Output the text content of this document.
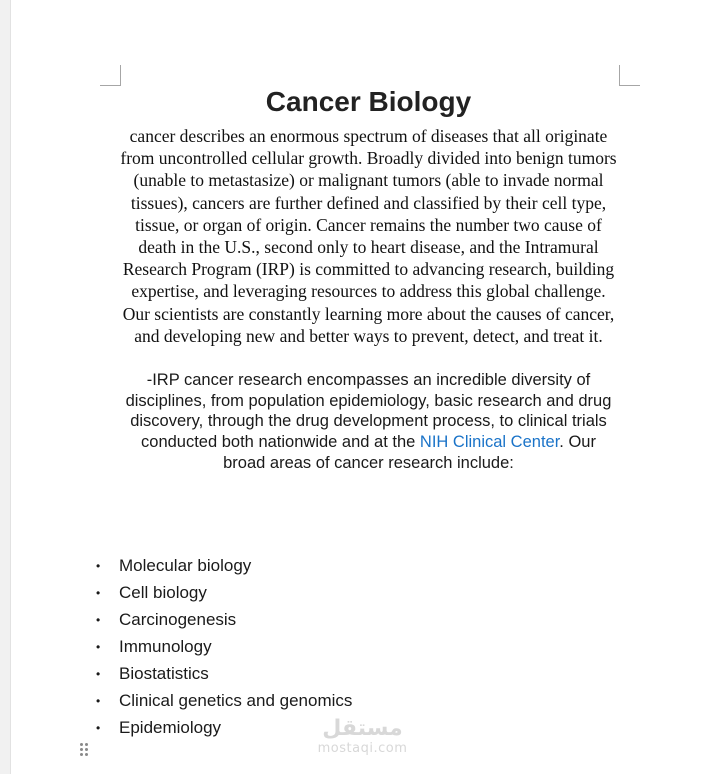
Cancer Biology

cancer describes an enormous spectrum of diseases that all originate from uncontrolled cellular growth. Broadly divided into benign tumors (unable to metastasize) or malignant tumors (able to invade normal tissues), cancers are further defined and classified by their cell type, tissue, or organ of origin. Cancer remains the number two cause of death in the U.S., second only to heart disease, and the Intramural Research Program (IRP) is committed to advancing research, building expertise, and leveraging resources to address this global challenge. Our scientists are constantly learning more about the causes of cancer, and developing new and better ways to prevent, detect, and treat it.

-IRP cancer research encompasses an incredible diversity of disciplines, from population epidemiology, basic research and drug discovery, through the drug development process, to clinical trials conducted both nationwide and at the NIH Clinical Center. Our broad areas of cancer research include:

•	Molecular biology
•	Cell biology
•	Carcinogenesis
•	Immunology
•	Biostatistics
•	Clinical genetics and genomics
•	Epidemiology	مستقل
mostaqi.com
